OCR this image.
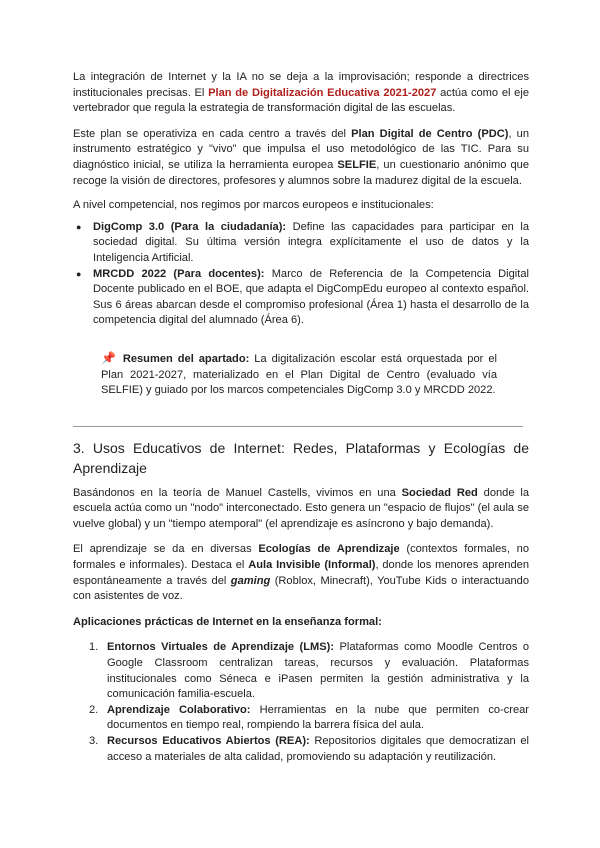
La integración de Internet y la IA no se deja a la improvisación; responde a directrices institucionales precisas. El Plan de Digitalización Educativa 2021-2027 actúa como el eje vertebrador que regula la estrategia de transformación digital de las escuelas.

Este plan se operativiza en cada centro a través del Plan Digital de Centro (PDC), un instrumento estratégico y "vivo" que impulsa el uso metodológico de las TIC. Para su diagnóstico inicial, se utiliza la herramienta europea SELFIE, un cuestionario anónimo que recoge la visión de directores, profesores y alumnos sobre la madurez digital de la escuela.

A nivel competencial, nos regimos por marcos europeos e institucionales:

● DigComp 3.0 (Para la ciudadanía): Define las capacidades para participar en la sociedad digital. Su última versión integra explícitamente el uso de datos y la Inteligencia Artificial.
● MRCDD 2022 (Para docentes): Marco de Referencia de la Competencia Digital Docente publicado en el BOE, que adapta el DigCompEdu europeo al contexto español. Sus 6 áreas abarcan desde el compromiso profesional (Área 1) hasta el desarrollo de la competencia digital del alumnado (Área 6).

📌 Resumen del apartado: La digitalización escolar está orquestada por el Plan 2021-2027, materializado en el Plan Digital de Centro (evaluado vía SELFIE) y guiado por los marcos competenciales DigComp 3.0 y MRCDD 2022.

3. Usos Educativos de Internet: Redes, Plataformas y Ecologías de Aprendizaje

Basándonos en la teoría de Manuel Castells, vivimos en una Sociedad Red donde la escuela actúa como un "nodo" interconectado. Esto genera un "espacio de flujos" (el aula se vuelve global) y un "tiempo atemporal" (el aprendizaje es asíncrono y bajo demanda).

El aprendizaje se da en diversas Ecologías de Aprendizaje (contextos formales, no formales e informales). Destaca el Aula Invisible (Informal), donde los menores aprenden espontáneamente a través del gaming (Roblox, Minecraft), YouTube Kids o interactuando con asistentes de voz.

Aplicaciones prácticas de Internet en la enseñanza formal:

1. Entornos Virtuales de Aprendizaje (LMS): Plataformas como Moodle Centros o Google Classroom centralizan tareas, recursos y evaluación. Plataformas institucionales como Séneca e iPasen permiten la gestión administrativa y la comunicación familia-escuela.
2. Aprendizaje Colaborativo: Herramientas en la nube que permiten co-crear documentos en tiempo real, rompiendo la barrera física del aula.
3. Recursos Educativos Abiertos (REA): Repositorios digitales que democratizan el acceso a materiales de alta calidad, promoviendo su adaptación y reutilización.
